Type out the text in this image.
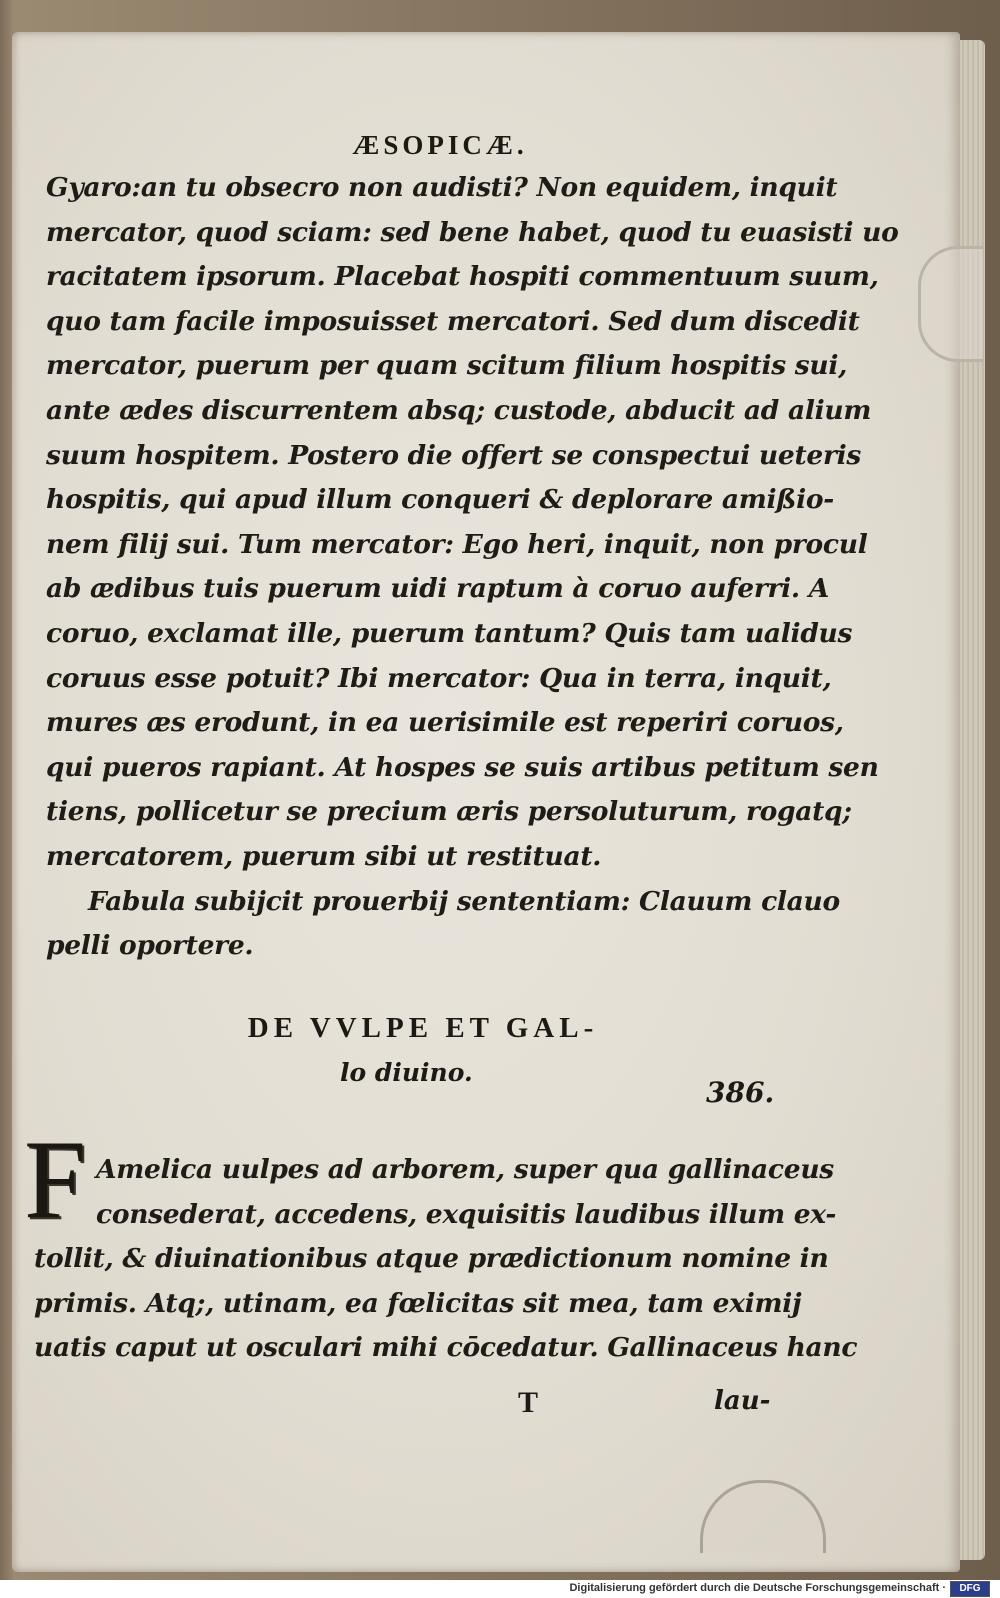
ÆSOPICÆ.
Gyaro:an tu obsecro non audisti? Non equidem, inquit
mercator, quod sciam: sed bene habet, quod tu euasisti uo
racitatem ipsorum. Placebat hospiti commentuum suum,
quo tam facile imposuisset mercatori. Sed dum discedit
mercator, puerum per quam scitum filium hospitis sui,
ante ædes discurrentem absq; custode, abducit ad alium
suum hospitem. Postero die offert se conspectui ueteris
hospitis, qui apud illum conqueri & deplorare amißio-
nem filij sui. Tum mercator: Ego heri, inquit, non procul
ab ædibus tuis puerum uidi raptum à coruo auferri. A
coruo, exclamat ille, puerum tantum? Quis tam ualidus
coruus esse potuit? Ibi mercator: Qua in terra, inquit,
mures æs erodunt, in ea uerisimile est reperiri coruos,
qui pueros rapiant. At hospes se suis artibus petitum sen
tiens, pollicetur se precium æris persoluturum, rogatq;
mercatorem, puerum sibi ut restituat.
Fabula subijcit prouerbij sententiam: Clauum clauo
pelli oportere.
DE VVLPE ET GAL-
lo diuino.
386.
F Amelica uulpes ad arborem, super qua gallinaceus
consederat, accedens, exquisitis laudibus illum ex-
tollit, & diuinationibus atque prædictionum nomine in
primis. Atq;, utinam, ea fœlicitas sit mea, tam eximij
uatis caput ut osculari mihi cōcedatur. Gallinaceus hanc
T	lau-
Digitalisierung gefördert durch die Deutsche Forschungsgemeinschaft ·	DFG
